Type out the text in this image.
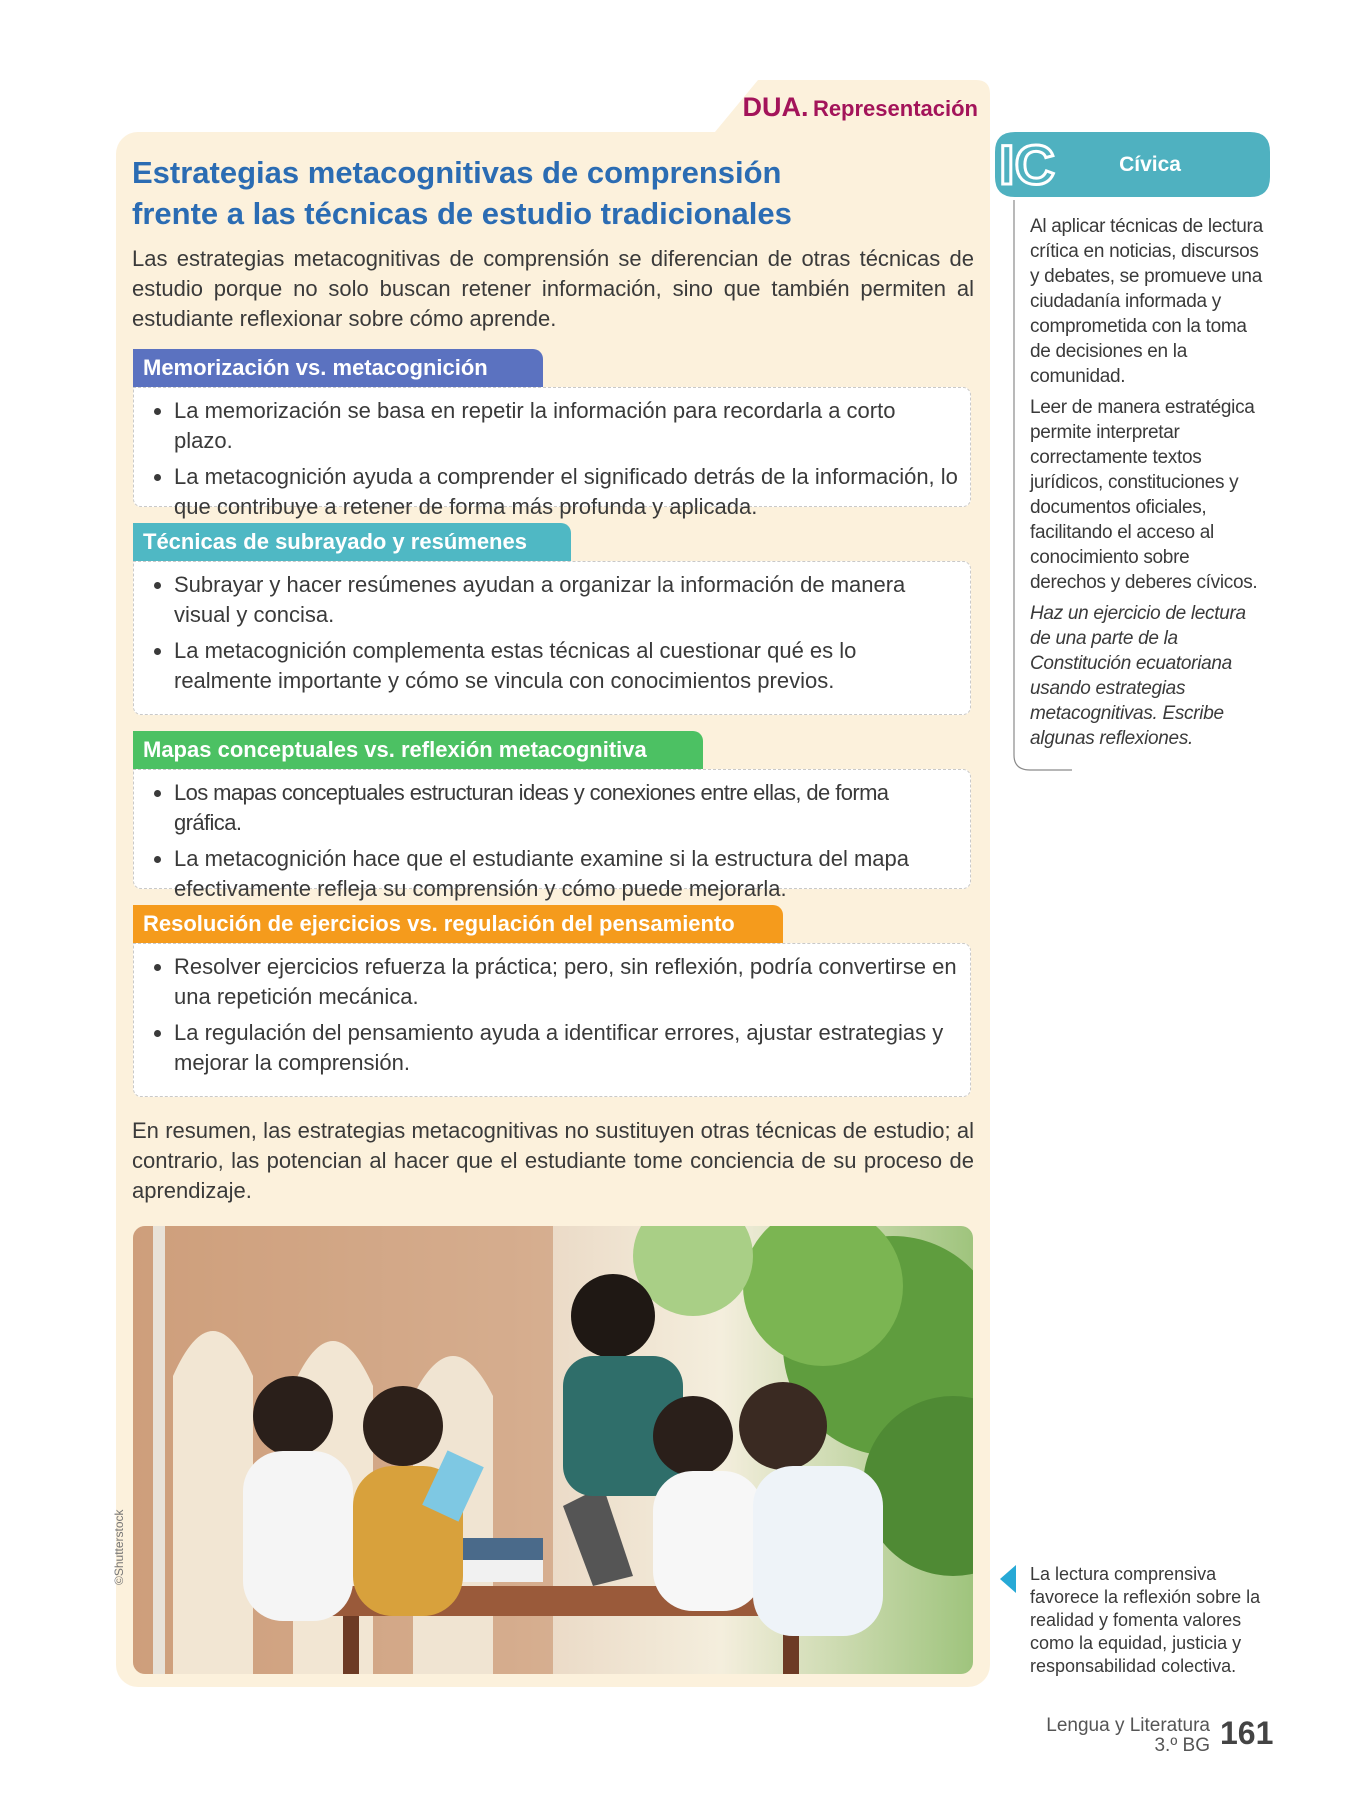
DUA. Representación
Estrategias metacognitivas de comprensión
frente a las técnicas de estudio tradicionales

Las estrategias metacognitivas de comprensión se diferencian de otras técnicas de estudio porque no solo buscan retener información, sino que también permiten al estudiante reflexionar sobre cómo aprende.

Memorización vs. metacognición
• La memorización se basa en repetir la información para recordarla a corto plazo.
• La metacognición ayuda a comprender el significado detrás de la información, lo que contribuye a retener de forma más profunda y aplicada.
Técnicas de subrayado y resúmenes
• Subrayar y hacer resúmenes ayudan a organizar la información de manera visual y concisa.
• La metacognición complementa estas técnicas al cuestionar qué es lo realmente importante y cómo se vincula con conocimientos previos.
Mapas conceptuales vs. reflexión metacognitiva
• Los mapas conceptuales estructuran ideas y conexiones entre ellas, de forma gráfica.
• La metacognición hace que el estudiante examine si la estructura del mapa efectivamente refleja su comprensión y cómo puede mejorarla.
Resolución de ejercicios vs. regulación del pensamiento
• Resolver ejercicios refuerza la práctica; pero, sin reflexión, podría convertirse en una repetición mecánica.
• La regulación del pensamiento ayuda a identificar errores, ajustar estrategias y mejorar la comprensión.

En resumen, las estrategias metacognitivas no sustituyen otras técnicas de estudio; al contrario, las potencian al hacer que el estudiante tome conciencia de su proceso de aprendizaje.

©Shutterstock
IC	Cívica

Al aplicar técnicas de lectura crítica en noticias, discursos y debates, se promueve una ciudadanía informada y comprometida con la toma de decisiones en la comunidad.

Leer de manera estratégica permite interpretar correctamente textos jurídicos, constituciones y documentos oficiales, facilitando el acceso al conocimiento sobre derechos y deberes cívicos.

Haz un ejercicio de lectura de una parte de la Constitución ecuatoriana usando estrategias metacognitivas. Escribe algunas reflexiones.

La lectura comprensiva favorece la reflexión sobre la realidad y fomenta valores como la equidad, justicia y responsabilidad colectiva.

Lengua y Literatura
3.º BG 161
